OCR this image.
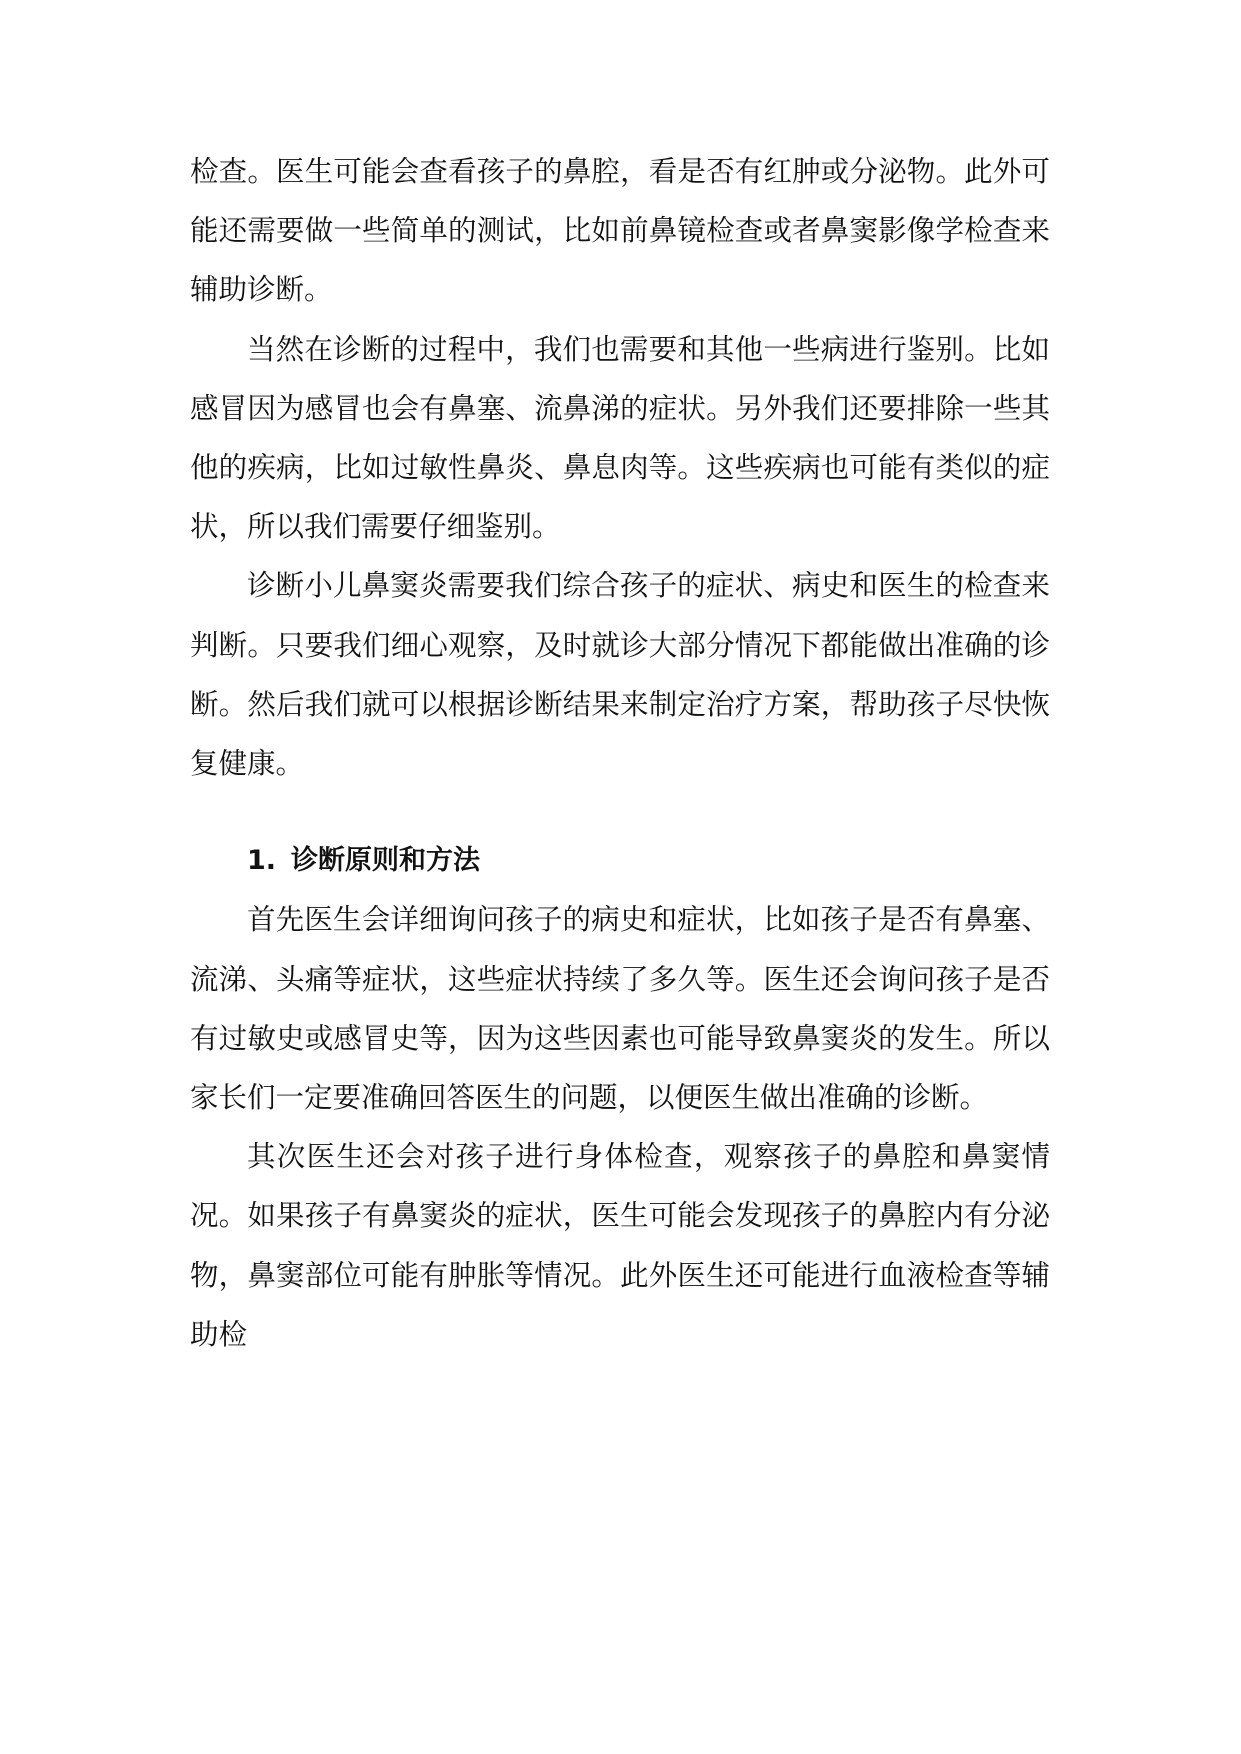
检查。医生可能会查看孩子的鼻腔，看是否有红肿或分泌物。此外可能还需要做一些简单的测试，比如前鼻镜检查或者鼻窦影像学检查来辅助诊断。

当然在诊断的过程中，我们也需要和其他一些病进行鉴别。比如感冒因为感冒也会有鼻塞、流鼻涕的症状。另外我们还要排除一些其他的疾病，比如过敏性鼻炎、鼻息肉等。这些疾病也可能有类似的症状，所以我们需要仔细鉴别。

诊断小儿鼻窦炎需要我们综合孩子的症状、病史和医生的检查来判断。只要我们细心观察，及时就诊大部分情况下都能做出准确的诊断。然后我们就可以根据诊断结果来制定治疗方案，帮助孩子尽快恢复健康。

1. 诊断原则和方法

首先医生会详细询问孩子的病史和症状，比如孩子是否有鼻塞、流涕、头痛等症状，这些症状持续了多久等。医生还会询问孩子是否有过敏史或感冒史等，因为这些因素也可能导致鼻窦炎的发生。所以家长们一定要准确回答医生的问题，以便医生做出准确的诊断。

其次医生还会对孩子进行身体检查，观察孩子的鼻腔和鼻窦情况。如果孩子有鼻窦炎的症状，医生可能会发现孩子的鼻腔内有分泌物，鼻窦部位可能有肿胀等情况。此外医生还可能进行血液检查等辅助检
